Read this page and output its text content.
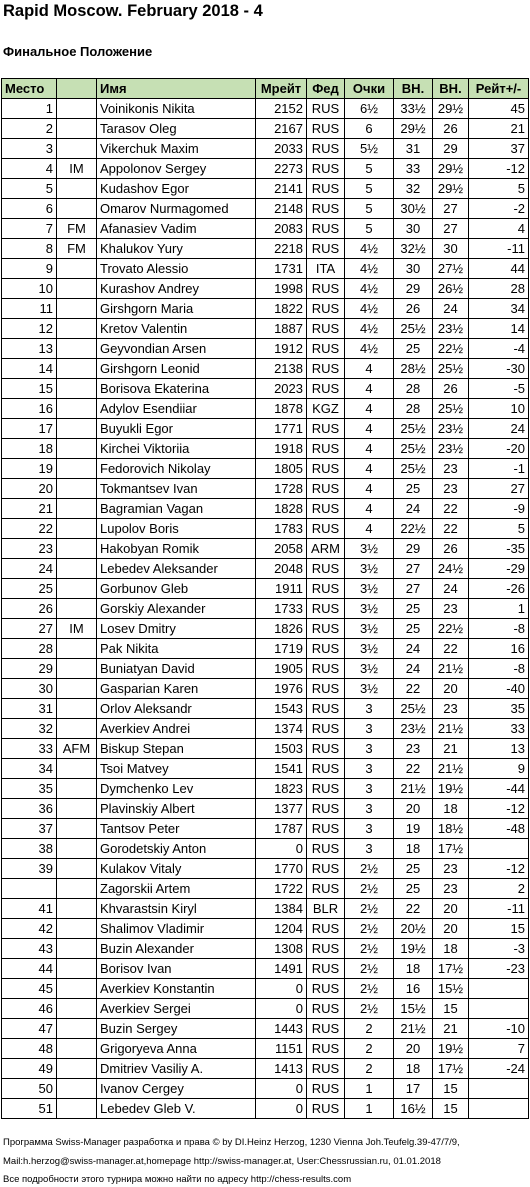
Rapid Moscow. February 2018 - 4
Финальное Положение
Место		Имя	Мрейт	Фед	Очки	ВН.	ВН.	Рейт+/-
1		Voinikonis Nikita	2152	RUS	6½	33½	29½	45
2		Tarasov Oleg	2167	RUS	6	29½	26	21
3		Vikerchuk Maxim	2033	RUS	5½	31	29	37
4	IM	Appolonov Sergey	2273	RUS	5	33	29½	-12
5		Kudashov Egor	2141	RUS	5	32	29½	5
6		Omarov Nurmagomed	2148	RUS	5	30½	27	-2
7	FM	Afanasiev Vadim	2083	RUS	5	30	27	4
8	FM	Khalukov Yury	2218	RUS	4½	32½	30	-11
9		Trovato Alessio	1731	ITA	4½	30	27½	44
10		Kurashov Andrey	1998	RUS	4½	29	26½	28
11		Girshgorn Maria	1822	RUS	4½	26	24	34
12		Kretov Valentin	1887	RUS	4½	25½	23½	14
13		Geyvondian Arsen	1912	RUS	4½	25	22½	-4
14		Girshgorn Leonid	2138	RUS	4	28½	25½	-30
15		Borisova Ekaterina	2023	RUS	4	28	26	-5
16		Adylov Esendiiar	1878	KGZ	4	28	25½	10
17		Buyukli Egor	1771	RUS	4	25½	23½	24
18		Kirchei Viktoriia	1918	RUS	4	25½	23½	-20
19		Fedorovich Nikolay	1805	RUS	4	25½	23	-1
20		Tokmantsev Ivan	1728	RUS	4	25	23	27
21		Bagramian Vagan	1828	RUS	4	24	22	-9
22		Lupolov Boris	1783	RUS	4	22½	22	5
23		Hakobyan Romik	2058	ARM	3½	29	26	-35
24		Lebedev Aleksander	2048	RUS	3½	27	24½	-29
25		Gorbunov Gleb	1911	RUS	3½	27	24	-26
26		Gorskiy Alexander	1733	RUS	3½	25	23	1
27	IM	Losev Dmitry	1826	RUS	3½	25	22½	-8
28		Pak Nikita	1719	RUS	3½	24	22	16
29		Buniatyan David	1905	RUS	3½	24	21½	-8
30		Gasparian Karen	1976	RUS	3½	22	20	-40
31		Orlov Aleksandr	1543	RUS	3	25½	23	35
32		Averkiev Andrei	1374	RUS	3	23½	21½	33
33	AFM	Biskup Stepan	1503	RUS	3	23	21	13
34		Tsoi Matvey	1541	RUS	3	22	21½	9
35		Dymchenko Lev	1823	RUS	3	21½	19½	-44
36		Plavinskiy Albert	1377	RUS	3	20	18	-12
37		Tantsov Peter	1787	RUS	3	19	18½	-48
38		Gorodetskiy Anton	0	RUS	3	18	17½	
39		Kulakov Vitaly	1770	RUS	2½	25	23	-12
		Zagorskii Artem	1722	RUS	2½	25	23	2
41		Khvarastsin Kiryl	1384	BLR	2½	22	20	-11
42		Shalimov Vladimir	1204	RUS	2½	20½	20	15
43		Buzin Alexander	1308	RUS	2½	19½	18	-3
44		Borisov Ivan	1491	RUS	2½	18	17½	-23
45		Averkiev Konstantin	0	RUS	2½	16	15½	
46		Averkiev Sergei	0	RUS	2½	15½	15	
47		Buzin Sergey	1443	RUS	2	21½	21	-10
48		Grigoryeva Anna	1151	RUS	2	20	19½	7
49		Dmitriev Vasiliy A.	1413	RUS	2	18	17½	-24
50		Ivanov Cergey	0	RUS	1	17	15	
51		Lebedev Gleb V.	0	RUS	1	16½	15	
Программа Swiss-Manager разработка и права © by DI.Heinz Herzog, 1230 Vienna Joh.Teufelg.39-47/7/9,
Mail:h.herzog@swiss-manager.at,homepage http://swiss-manager.at, User:Chessrussian.ru, 01.01.2018
Все подробности этого турнира можно найти по адресу http://chess-results.com
